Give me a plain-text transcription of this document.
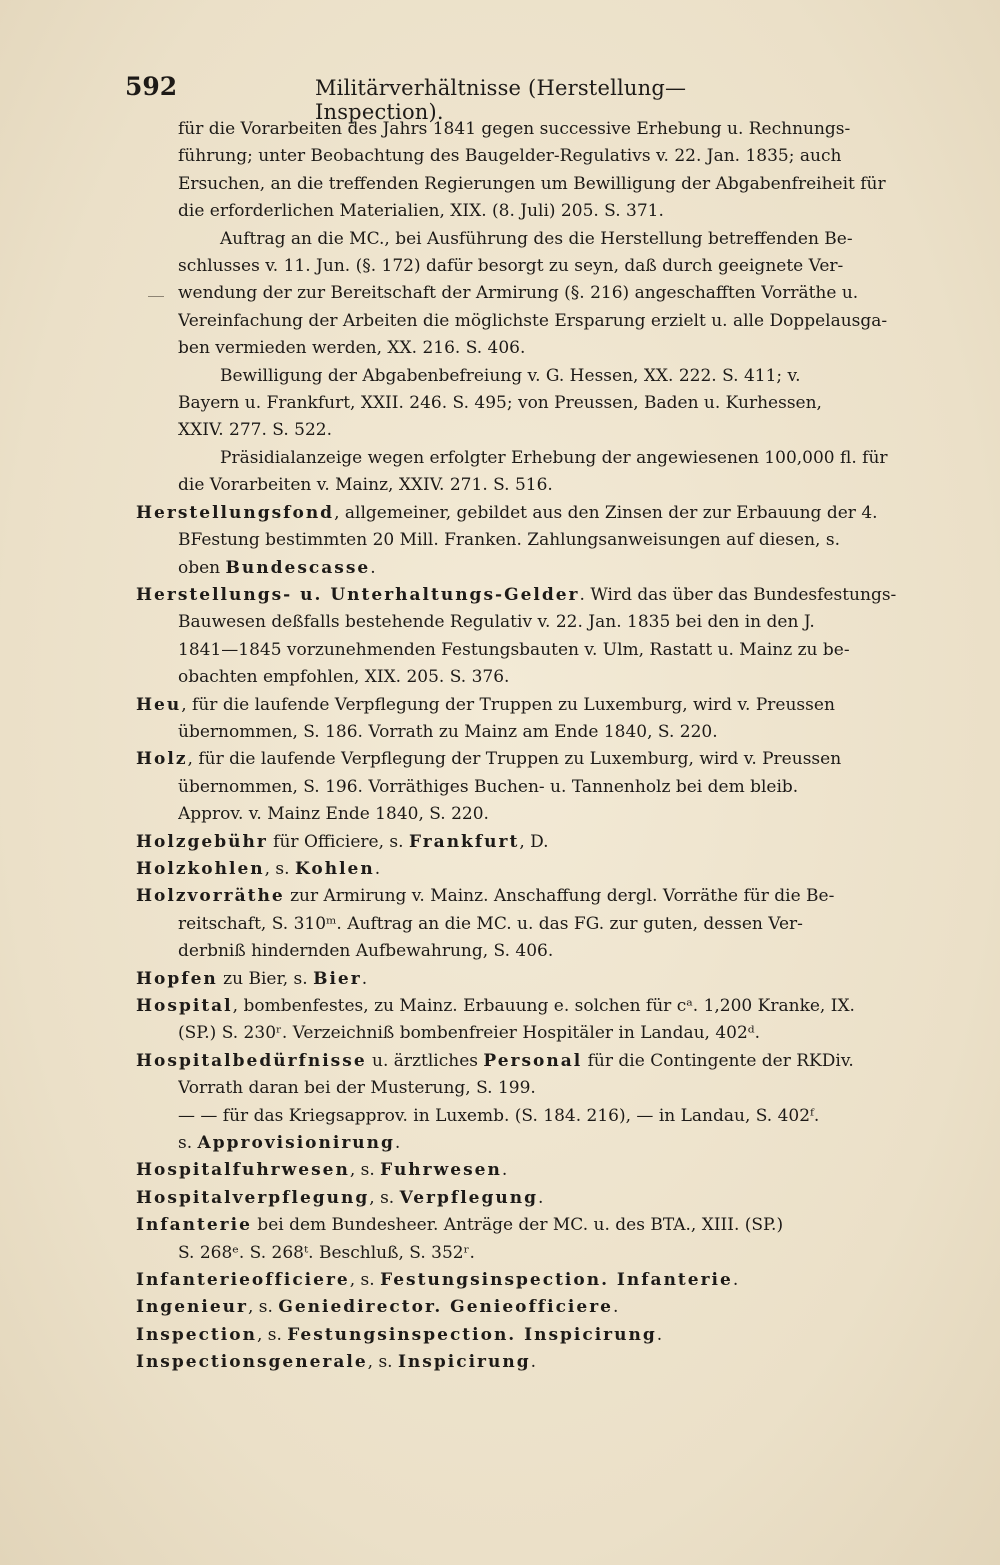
592	Militärverhältnisse (Herstellung—Inspection).
für die Vorarbeiten des Jahrs 1841 gegen successive Erhebung u. Rechnungs-
führung; unter Beobachtung des Baugelder-Regulativs v. 22. Jan. 1835; auch
Ersuchen, an die treffenden Regierungen um Bewilligung der Abgabenfreiheit für
die erforderlichen Materialien, XIX. (8. Juli) 205. S. 371.
Auftrag an die MC., bei Ausführung des die Herstellung betreffenden Be-
schlusses v. 11. Jun. (§. 172) dafür besorgt zu seyn, daß durch geeignete Ver-
wendung der zur Bereitschaft der Armirung (§. 216) angeschafften Vorräthe u.
Vereinfachung der Arbeiten die möglichste Ersparung erzielt u. alle Doppelausga-
ben vermieden werden, XX. 216. S. 406.
Bewilligung der Abgabenbefreiung v. G. Hessen, XX. 222. S. 411; v.
Bayern u. Frankfurt, XXII. 246. S. 495; von Preussen, Baden u. Kurhessen,
XXIV. 277. S. 522.
Präsidialanzeige wegen erfolgter Erhebung der angewiesenen 100,000 fl. für
die Vorarbeiten v. Mainz, XXIV. 271. S. 516.
Herstellungsfond, allgemeiner, gebildet aus den Zinsen der zur Erbauung der 4.
BFestung bestimmten 20 Mill. Franken. Zahlungsanweisungen auf diesen, s.
oben Bundescasse.
Herstellungs- u. Unterhaltungs-Gelder. Wird das über das Bundesfestungs-
Bauwesen deßfalls bestehende Regulativ v. 22. Jan. 1835 bei den in den J.
1841—1845 vorzunehmenden Festungsbauten v. Ulm, Rastatt u. Mainz zu be-
obachten empfohlen, XIX. 205. S. 376.
Heu, für die laufende Verpflegung der Truppen zu Luxemburg, wird v. Preussen
übernommen, S. 186. Vorrath zu Mainz am Ende 1840, S. 220.
Holz, für die laufende Verpflegung der Truppen zu Luxemburg, wird v. Preussen
übernommen, S. 196. Vorräthiges Buchen- u. Tannenholz bei dem bleib.
Approv. v. Mainz Ende 1840, S. 220.
Holzgebühr für Officiere, s. Frankfurt, D.
Holzkohlen, s. Kohlen.
Holzvorräthe zur Armirung v. Mainz. Anschaffung dergl. Vorräthe für die Be-
reitschaft, S. 310ᵐ. Auftrag an die MC. u. das FG. zur guten, dessen Ver-
derbniß hindernden Aufbewahrung, S. 406.
Hopfen zu Bier, s. Bier.
Hospital, bombenfestes, zu Mainz. Erbauung e. solchen für cᵃ. 1,200 Kranke, IX.
(SP.) S. 230ʳ. Verzeichniß bombenfreier Hospitäler in Landau, 402ᵈ.
Hospitalbedürfnisse u. ärztliches Personal für die Contingente der RKDiv.
Vorrath daran bei der Musterung, S. 199.
— — für das Kriegsapprov. in Luxemb. (S. 184. 216), — in Landau, S. 402ᶠ.
s. Approvisionirung.
Hospitalfuhrwesen, s. Fuhrwesen.
Hospitalverpflegung, s. Verpflegung.
Infanterie bei dem Bundesheer. Anträge der MC. u. des BTA., XIII. (SP.)
S. 268ᵉ. S. 268ᵗ. Beschluß, S. 352ʳ.
Infanterieofficiere, s. Festungsinspection. Infanterie.
Ingenieur, s. Geniedirector. Genieofficiere.
Inspection, s. Festungsinspection. Inspicirung.
Inspectionsgenerale, s. Inspicirung.
